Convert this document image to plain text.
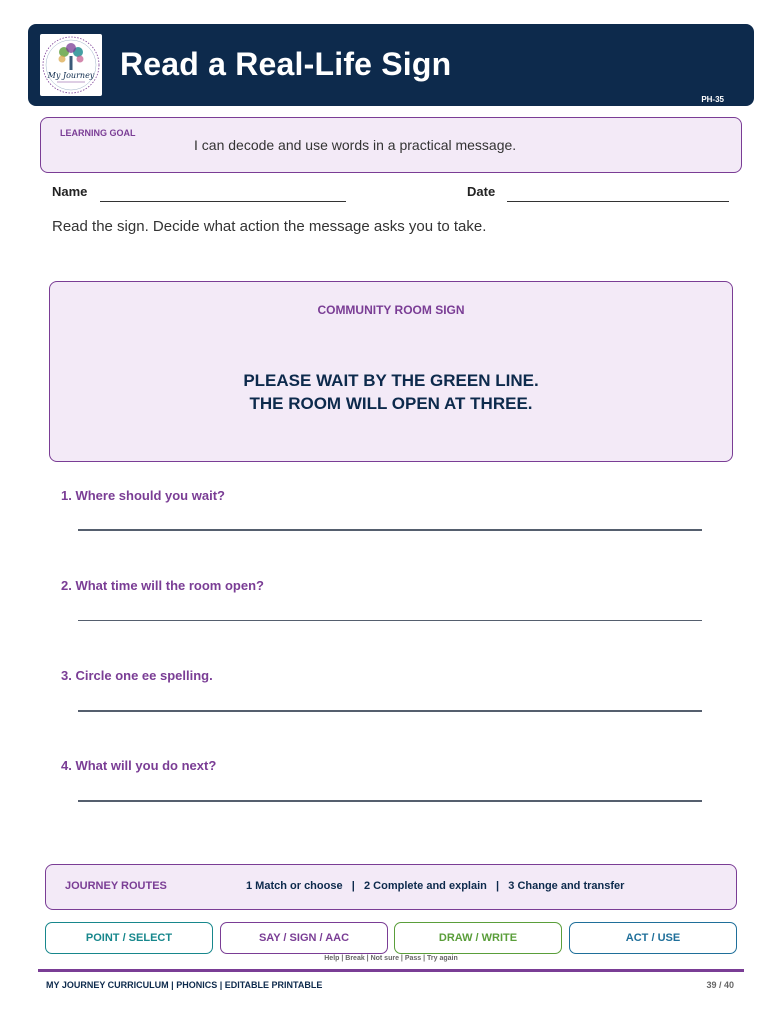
My Journey Read a Real-Life Sign
PH-35
LEARNING GOAL
I can decode and use words in a practical message.
Name	Date
Read the sign. Decide what action the message asks you to take.
COMMUNITY ROOM SIGN
PLEASE WAIT BY THE GREEN LINE.
THE ROOM WILL OPEN AT THREE.
1. Where should you wait?
2. What time will the room open?
3. Circle one ee spelling.
4. What will you do next?
JOURNEY ROUTES	1 Match or choose   |   2 Complete and explain   |   3 Change and transfer
POINT / SELECT	SAY / SIGN / AAC	DRAW / WRITE	ACT / USE
Help | Break | Not sure | Pass | Try again
MY JOURNEY CURRICULUM | PHONICS | EDITABLE PRINTABLE	39 / 40
